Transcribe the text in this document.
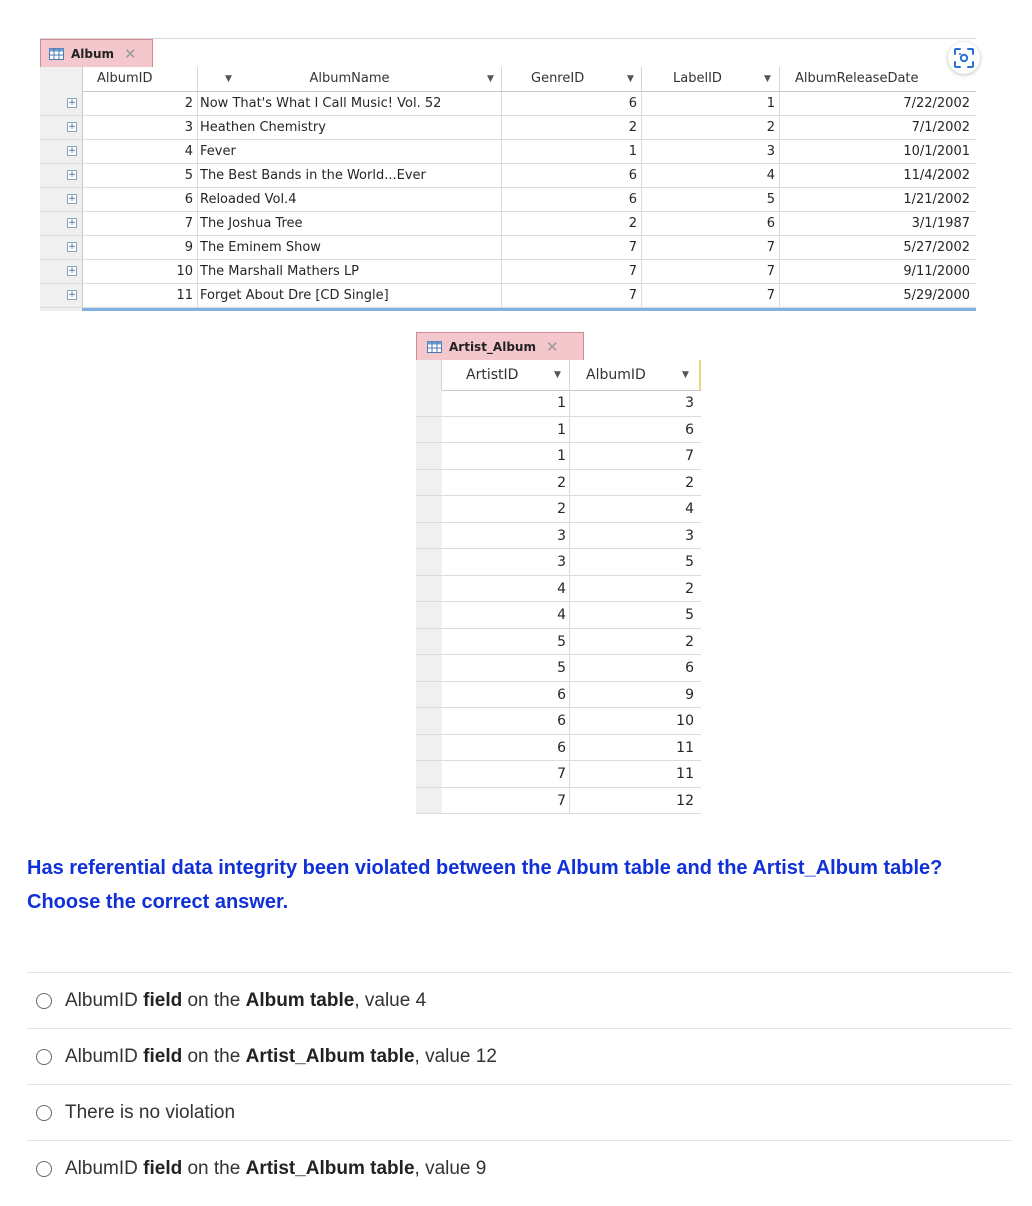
Album ✕
AlbumID	▼	AlbumName	▼	GenreID	▼	LabelID	▼	AlbumReleaseDate
+	2 Now That's What I Call Music! Vol. 52	6	1	7/22/2002
+	3 Heathen Chemistry	2	2	7/1/2002
+	4 Fever	1	3	10/1/2001
+	5 The Best Bands in the World...Ever	6	4	11/4/2002
+	6 Reloaded Vol.4	6	5	1/21/2002
+	7 The Joshua Tree	2	6	3/1/1987
+	9 The Eminem Show	7	7	5/27/2002
+	10 The Marshall Mathers LP	7	7	9/11/2000
+	11 Forget About Dre [CD Single]	7	7	5/29/2000
Artist_Album ✕
ArtistID	▼	AlbumID	▼
1	3
1	6
1	7
2	2
2	4
3	3
3	5
4	2
4	5
5	2
5	6
6	9
6	10
6	11
7	11
7	12

Has referential data integrity been violated between the Album table and the Artist_Album table? Choose the correct answer.

AlbumID field on the Album table, value 4
AlbumID field on the Artist_Album table, value 12
There is no violation
AlbumID field on the Artist_Album table, value 9
